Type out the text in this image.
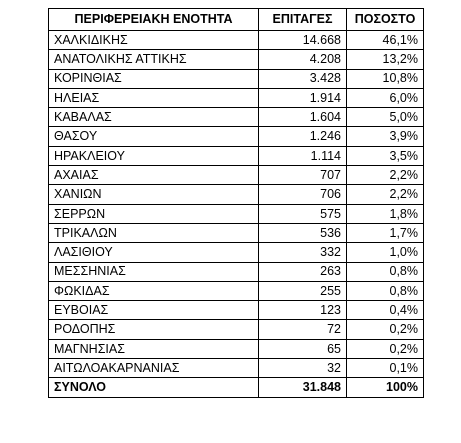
ΠΕΡΙΦΕΡΕΙΑΚΗ ΕΝΟΤΗΤΑ	ΕΠΙΤΑΓΕΣ	ΠΟΣΟΣΤΟ
ΧΑΛΚΙΔΙΚΗΣ	14.668	46,1%
ΑΝΑΤΟΛΙΚΗΣ ΑΤΤΙΚΗΣ	4.208	13,2%
ΚΟΡΙΝΘΙΑΣ	3.428	10,8%
ΗΛΕΙΑΣ	1.914	6,0%
ΚΑΒΑΛΑΣ	1.604	5,0%
ΘΑΣΟΥ	1.246	3,9%
ΗΡΑΚΛΕΙΟΥ	1.114	3,5%
ΑΧΑΙΑΣ	707	2,2%
ΧΑΝΙΩΝ	706	2,2%
ΣΕΡΡΩΝ	575	1,8%
ΤΡΙΚΑΛΩΝ	536	1,7%
ΛΑΣΙΘΙΟΥ	332	1,0%
ΜΕΣΣΗΝΙΑΣ	263	0,8%
ΦΩΚΙΔΑΣ	255	0,8%
ΕΥΒΟΙΑΣ	123	0,4%
ΡΟΔΟΠΗΣ	72	0,2%
ΜΑΓΝΗΣΙΑΣ	65	0,2%
ΑΙΤΩΛΟΑΚΑΡΝΑΝΙΑΣ	32	0,1%
ΣΥΝΟΛΟ	31.848	100%
